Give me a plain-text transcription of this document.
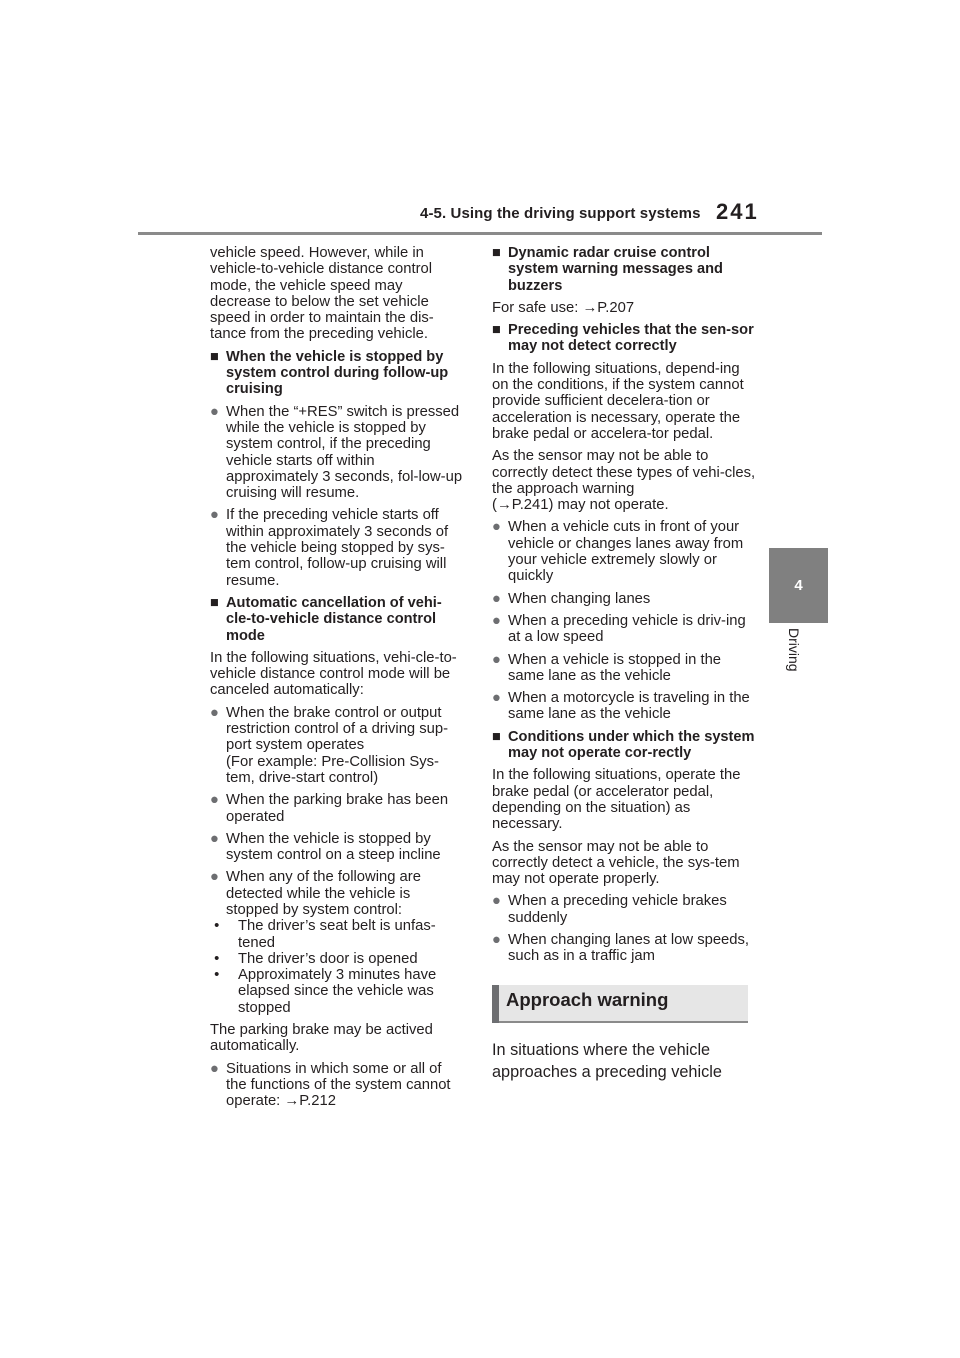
4-5. Using the driving support systems 241
4
Driving

vehicle speed. However, while in vehicle-to-vehicle distance control mode, the vehicle speed may decrease to below the set vehicle speed in order to maintain the dis-tance from the preceding vehicle.

■ When the vehicle is stopped by system control during follow-up cruising
● When the “+RES” switch is pressed while the vehicle is stopped by system control, if the preceding vehicle starts off within approximately 3 seconds, fol-low-up cruising will resume.
● If the preceding vehicle starts off within approximately 3 seconds of the vehicle being stopped by sys-tem control, follow-up cruising will resume.
■ Automatic cancellation of vehi-cle-to-vehicle distance control mode

In the following situations, vehi-cle-to-vehicle distance control mode will be canceled automatically:

● When the brake control or output restriction control of a driving sup-port system operates
(For example: Pre-Collision Sys-tem, drive-start control)
● When the parking brake has been operated
● When the vehicle is stopped by system control on a steep incline
● When any of the following are detected while the vehicle is stopped by system control:
•	The driver’s seat belt is unfas-tened
•	The driver’s door is opened
•	Approximately 3 minutes have elapsed since the vehicle was stopped

The parking brake may be actived automatically.

● Situations in which some or all of the functions of the system cannot operate: →P.212
■ Dynamic radar cruise control system warning messages and buzzers

For safe use: →P.207

■ Preceding vehicles that the sen-sor may not detect correctly

In the following situations, depend-ing on the conditions, if the system cannot provide sufficient decelera-tion or acceleration is necessary, operate the brake pedal or accelera-tor pedal.

As the sensor may not be able to correctly detect these types of vehi-cles, the approach warning
(→P.241) may not operate.

● When a vehicle cuts in front of your vehicle or changes lanes away from your vehicle extremely slowly or quickly
● When changing lanes
● When a preceding vehicle is driv-ing at a low speed
● When a vehicle is stopped in the same lane as the vehicle
● When a motorcycle is traveling in the same lane as the vehicle
■ Conditions under which the system may not operate cor-rectly

In the following situations, operate the brake pedal (or accelerator pedal, depending on the situation) as necessary.

As the sensor may not be able to correctly detect a vehicle, the sys-tem may not operate properly.

● When a preceding vehicle brakes suddenly
● When changing lanes at low speeds, such as in a traffic jam
Approach warning

In situations where the vehicle approaches a preceding vehicle
